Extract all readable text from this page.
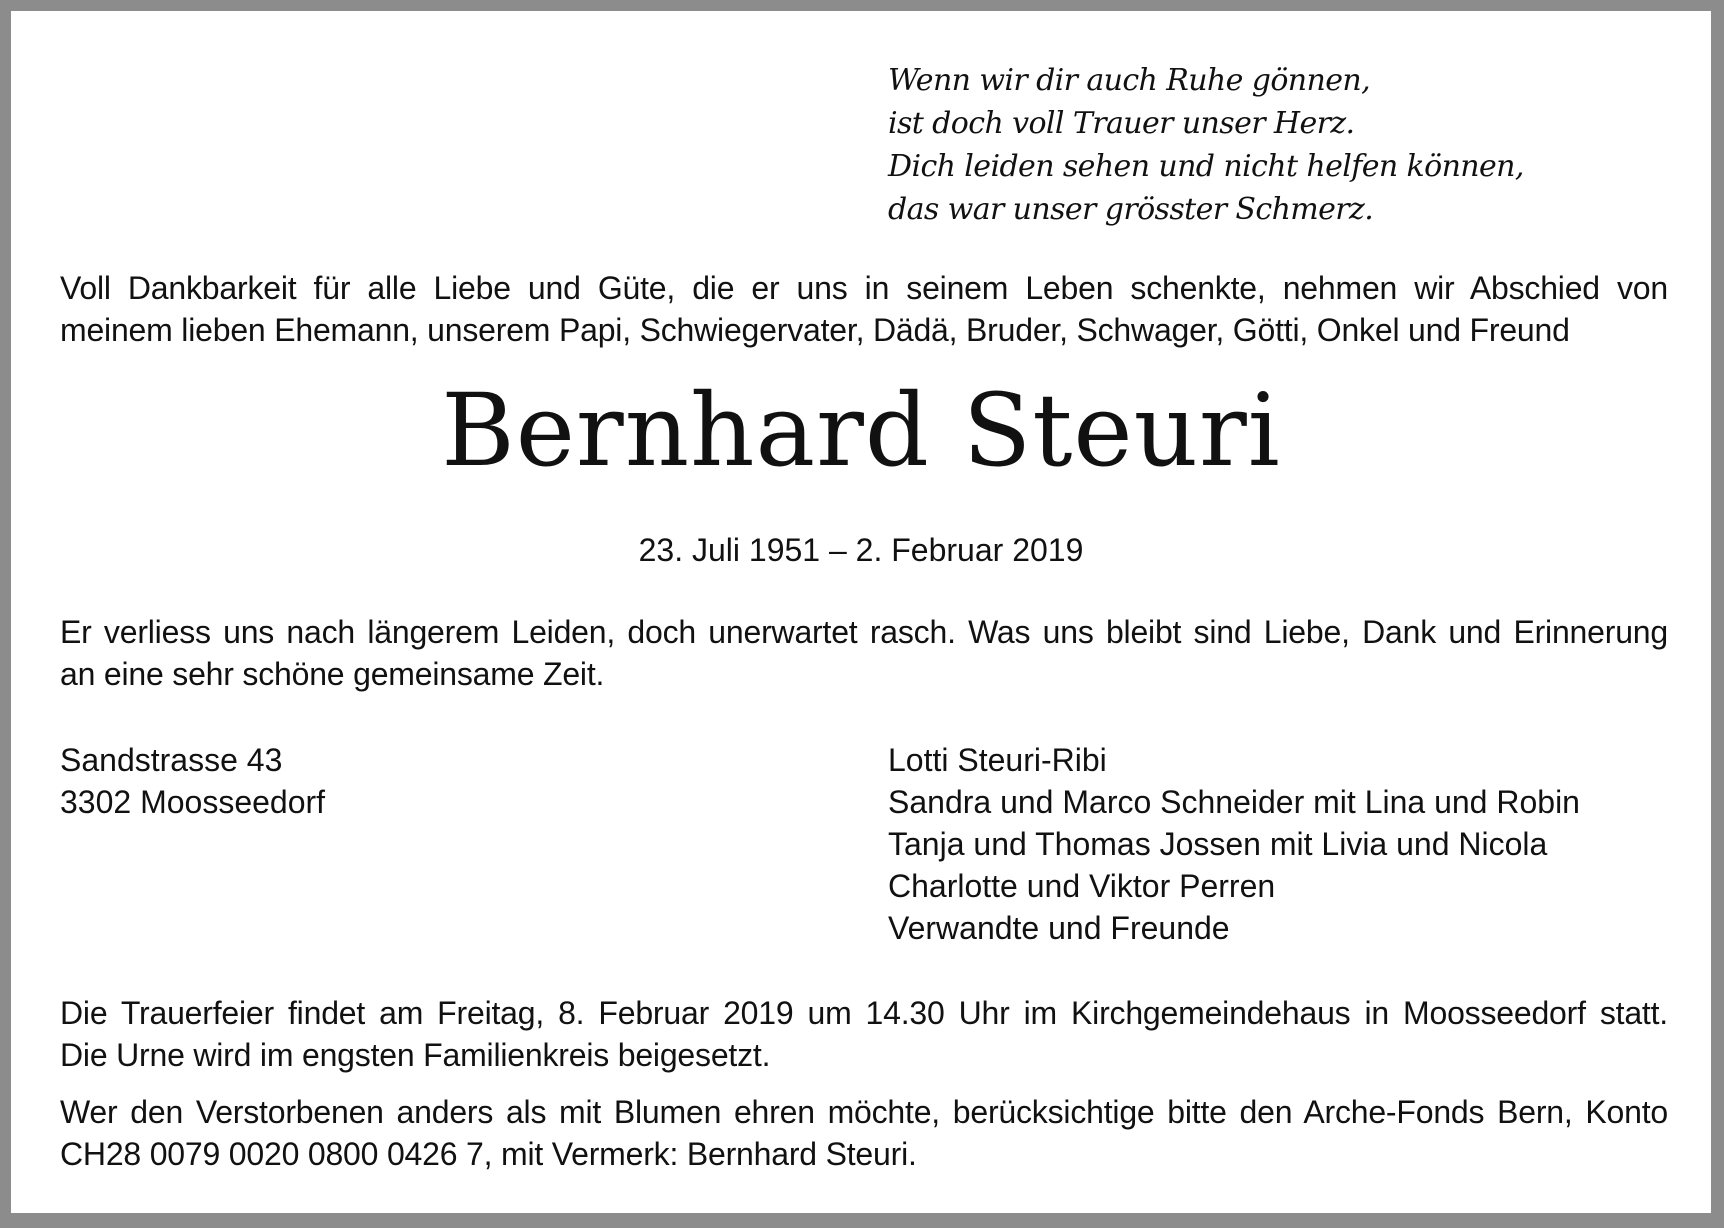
Wenn wir dir auch Ruhe gönnen,
ist doch voll Trauer unser Herz.
Dich leiden sehen und nicht helfen können,
das war unser grösster Schmerz.
Voll Dankbarkeit für alle Liebe und Güte, die er uns in seinem Leben schenkte, nehmen wir Abschied von
meinem lieben Ehemann, unserem Papi, Schwiegervater, Dädä, Bruder, Schwager, Götti, Onkel und Freund
Bernhard Steuri
23. Juli 1951 – 2. Februar 2019
Er verliess uns nach längerem Leiden, doch unerwartet rasch. Was uns bleibt sind Liebe, Dank und Erinnerung
an eine sehr schöne gemeinsame Zeit.
Sandstrasse 43
3302 Moosseedorf
Lotti Steuri-Ribi
Sandra und Marco Schneider mit Lina und Robin
Tanja und Thomas Jossen mit Livia und Nicola
Charlotte und Viktor Perren
Verwandte und Freunde
Die Trauerfeier findet am Freitag, 8. Februar 2019 um 14.30 Uhr im Kirchgemeindehaus in Moosseedorf statt.
Die Urne wird im engsten Familienkreis beigesetzt.
Wer den Verstorbenen anders als mit Blumen ehren möchte, berücksichtige bitte den Arche-Fonds Bern, Konto
CH28 0079 0020 0800 0426 7, mit Vermerk: Bernhard Steuri.
